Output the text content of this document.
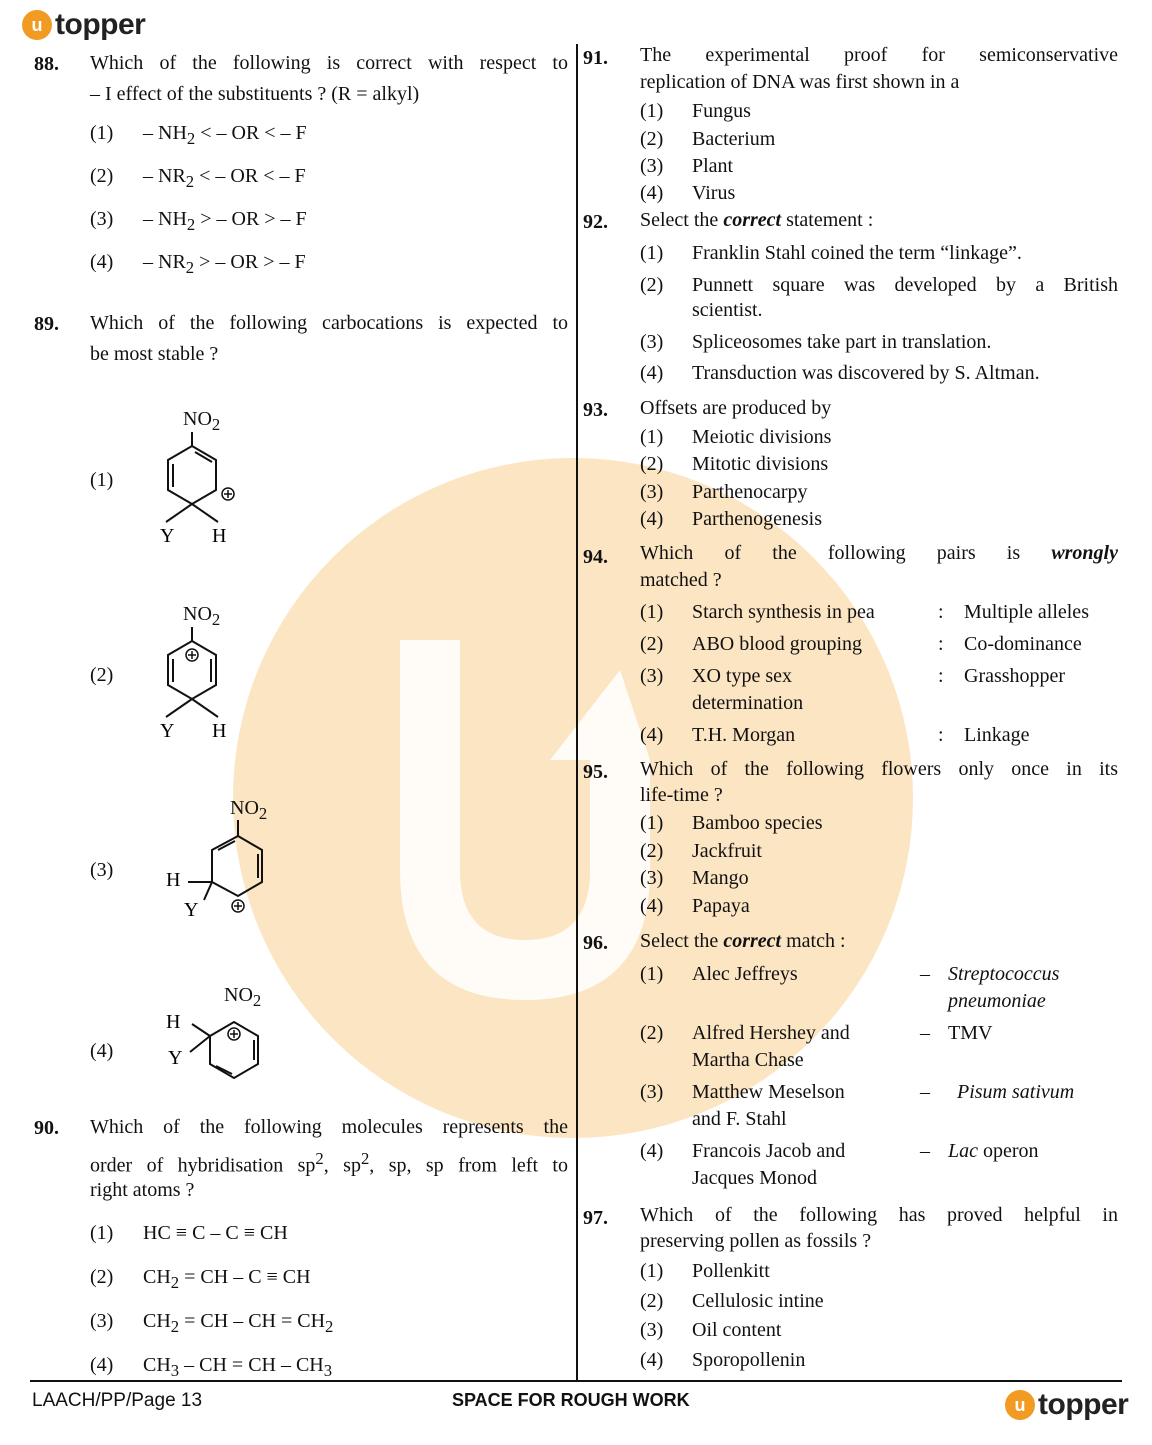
u topper
88. Which of the following is correct with respect to
– I effect of the substituents ? (R = alkyl)
$(1) - NH_2$ < – OR < – F
$(2) - NR_2$ < – OR < – F
$(3) - NH_2$ > – OR > – F
$(4) - NR_2$ > – OR > – F
89. Which of the following carbocations is expected to
be most stable ?
(1)
(2)
(3)
(4)
$NO_2$
Y H
$NO_2$
Y H
$NO_2$
H
Y
$NO_2$
H
Y
90. Which of the following molecules represents the
order of hybridisation $sp^2$, $sp^2$, sp, sp from left to
right atoms ?
(1) HC ≡ C – C ≡ CH
(2) $CH_2$ = CH – C ≡ CH
(3) $CH_2$ = CH – CH = $CH_2$
(4) $CH_3$ – CH = CH – $CH_3$
91. The experimental proof for semiconservative
replication of DNA was first shown in a
(1) Fungus
(2) Bacterium
(3) Plant
(4) Virus
92. Select the correct statement :
(1) Franklin Stahl coined the term “linkage”.
(2) Punnett square was developed by a British
scientist.
(3) Spliceosomes take part in translation.
(4) Transduction was discovered by S. Altman.
93. Offsets are produced by
(1) Meiotic divisions
(2) Mitotic divisions
(3) Parthenocarpy
(4) Parthenogenesis
94. Which of the following pairs is wrongly
matched ?
(1) Starch synthesis in pea	: Multiple alleles
(2) ABO blood grouping	: Co-dominance
(3) XO type sex
determination
: Grasshopper
(4) T.H. Morgan	: Linkage
95. Which of the following flowers only once in its
life-time ?
(1) Bamboo species
(2) Jackfruit
(3) Mango
(4) Papaya
96. Select the correct match :
(1) Alec Jeffreys	– Streptococcus
pneumoniae
(2) Alfred Hershey and
Martha Chase
– TMV
(3) Matthew Meselson
and F. Stahl
– Pisum sativum
(4) Francois Jacob and
Jacques Monod
– Lac operon
97. Which of the following has proved helpful in
preserving pollen as fossils ?
(1) Pollenkitt
(2) Cellulosic intine
(3) Oil content
(4) Sporopollenin
LAACH/PP/Page 13	SPACE FOR ROUGH WORK	u topper
